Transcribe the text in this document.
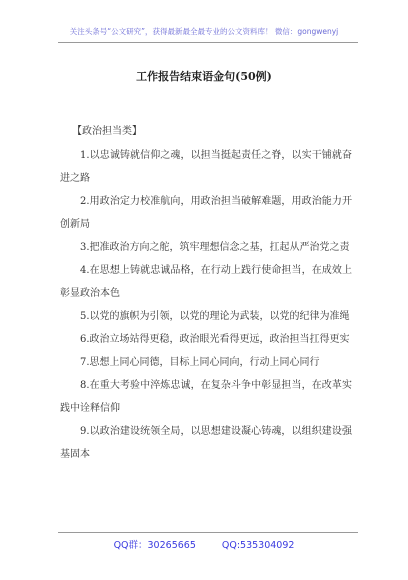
关注头条号“公文研究”，获得最新最全最专业的公文资料库！ 微信：gongwenyj
工作报告结束语金句(50例)

【政治担当类】

1.以忠诚铸就信仰之魂，以担当挺起责任之脊，以实干铺就奋进之路

2.用政治定力校准航向，用政治担当破解难题，用政治能力开创新局

3.把准政治方向之舵，筑牢理想信念之基，扛起从严治党之责

4.在思想上铸就忠诚品格，在行动上践行使命担当，在成效上彰显政治本色

5.以党的旗帜为引领，以党的理论为武装，以党的纪律为准绳

6.政治立场站得更稳，政治眼光看得更远，政治担当扛得更实

7.思想上同心同德，目标上同心同向，行动上同心同行

8.在重大考验中淬炼忠诚，在复杂斗争中彰显担当，在改革实践中诠释信仰

9.以政治建设统领全局，以思想建设凝心铸魂，以组织建设强基固本

QQ群：30265665	QQ:535304092
